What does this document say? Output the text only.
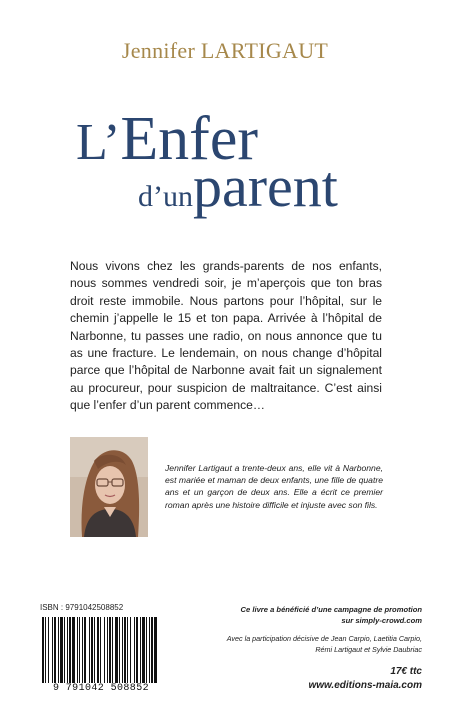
Jennifer LARTIGAUT
L’Enfer
d’unparent
Nous vivons chez les grands-parents de nos enfants, nous sommes vendredi soir, je m’aperçois que ton bras droit reste immobile. Nous partons pour l’hôpital, sur le chemin j’appelle le 15 et ton papa. Arrivée à l’hôpital de Narbonne, tu passes une radio, on nous annonce que tu as une fracture. Le lendemain, on nous change d’hôpital parce que l’hôpital de Narbonne avait fait un signalement au procureur, pour suspicion de maltraitance. C’est ainsi que l’enfer d’un parent commence…
Jennifer Lartigaut a trente-deux ans, elle vit à Narbonne, est mariée et maman de deux enfants, une fille de quatre ans et un garçon de deux ans. Elle a écrit ce premier roman après une histoire difficile et injuste avec son fils.
ISBN : 9791042508852
9 791042 508852
Ce livre a bénéficié d’une campagne de promotion
sur simply-crowd.com
Avec la participation décisive de Jean Carpio, Laetitia Carpio,
Rémi Lartigaut et Sylvie Daubriac
17€ ttc
www.editions-maia.com
